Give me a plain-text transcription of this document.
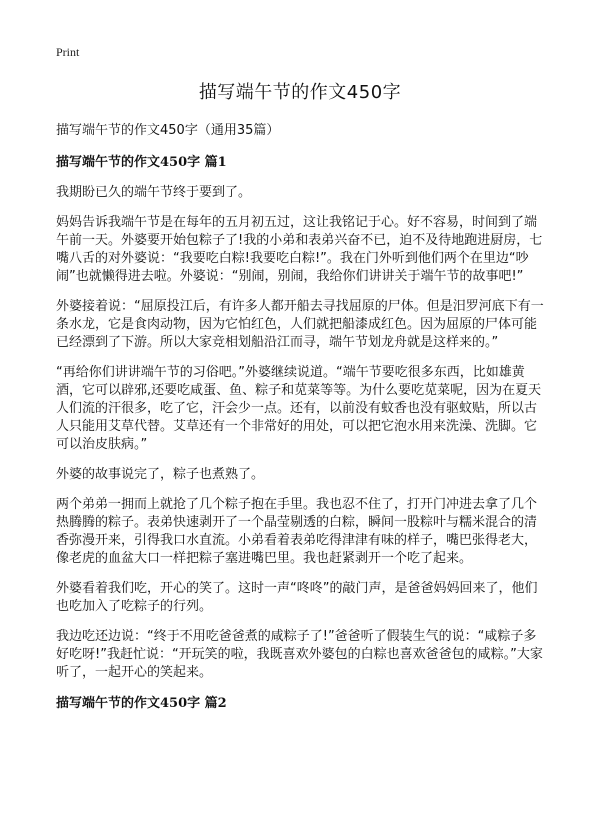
Print
描写端午节的作文450字

描写端午节的作文450字（通用35篇）

描写端午节的作文450字 篇1

我期盼已久的端午节终于要到了。

妈妈告诉我端午节是在每年的五月初五过，这让我铭记于心。好不容易，时间到了端午前一天。外婆要开始包粽子了!我的小弟和表弟兴奋不已，迫不及待地跑进厨房，七嘴八舌的对外婆说：“我要吃白粽!我要吃白粽!”。我在门外听到他们两个在里边“吵闹”也就懒得进去啦。外婆说：“别闹，别闹，我给你们讲讲关于端午节的故事吧!”

外婆接着说：“屈原投江后，有许多人都开船去寻找屈原的尸体。但是汨罗河底下有一条水龙，它是食肉动物，因为它怕红色，人们就把船漆成红色。因为屈原的尸体可能已经漂到了下游。所以大家竞相划船沿江而寻，端午节划龙舟就是这样来的。”

“再给你们讲讲端午节的习俗吧。”外婆继续说道。“端午节要吃很多东西，比如雄黄酒，它可以辟邪,还要吃咸蛋、鱼、粽子和苋菜等等。为什么要吃苋菜呢，因为在夏天人们流的汗很多，吃了它，汗会少一点。还有，以前没有蚊香也没有驱蚊贴，所以古人只能用艾草代替。艾草还有一个非常好的用处，可以把它泡水用来洗澡、洗脚。它可以治皮肤病。”

外婆的故事说完了，粽子也煮熟了。

两个弟弟一拥而上就抢了几个粽子抱在手里。我也忍不住了，打开门冲进去拿了几个热腾腾的粽子。表弟快速剥开了一个晶莹剔透的白粽，瞬间一股粽叶与糯米混合的清香弥漫开来，引得我口水直流。小弟看着表弟吃得津津有味的样子，嘴巴张得老大，像老虎的血盆大口一样把粽子塞进嘴巴里。我也赶紧剥开一个吃了起来。

外婆看着我们吃，开心的笑了。这时一声“咚咚”的敲门声，是爸爸妈妈回来了，他们也吃加入了吃粽子的行列。

我边吃还边说：“终于不用吃爸爸煮的咸粽子了!”爸爸听了假装生气的说：“咸粽子多好吃呀!”我赶忙说：“开玩笑的啦，我既喜欢外婆包的白粽也喜欢爸爸包的咸粽。”大家听了，一起开心的笑起来。

描写端午节的作文450字 篇2
